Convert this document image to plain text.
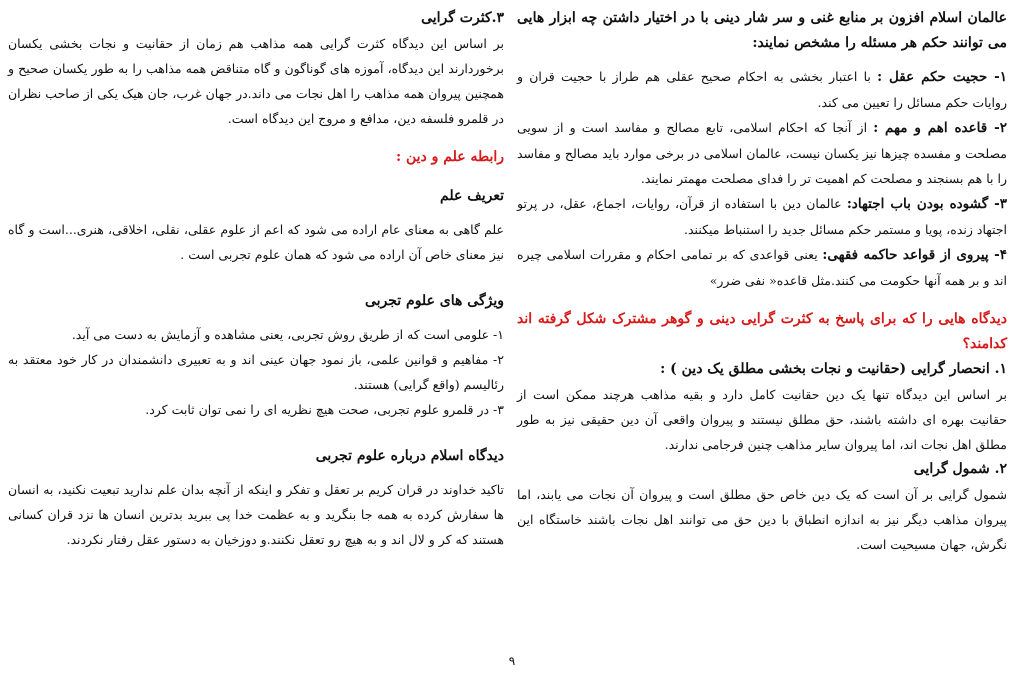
عالمان اسلام افزون بر منابع غنی و سر شار دینی با در اختیار داشتن چه ابزار هایی می توانند حکم هر مسئله را مشخص نمایند:

۱- حجیت حکم عقل : با اعتبار بخشی به احکام صحیح عقلی هم طراز با حجیت قران و روایات حکم مسائل را تعیین می کند.

۲- قاعده اهم و مهم : از آنجا که احکام اسلامی، تابع مصالح و مفاسد است و از سویی مصلحت و مفسده چیزها نیز یکسان نیست، عالمان اسلامی در برخی موارد باید مصالح و مفاسد را با هم بسنجند و مصلحت کم اهمیت تر را فدای مصلحت مهمتر نمایند.

۳- گشوده بودن باب اجتهاد: عالمان دین با استفاده از قرآن، روایات، اجماع، عقل، در پرتو اجتهاد زنده، پویا و مستمر حکم مسائل جدید را استنباط میکنند.

۴- پیروی از قواعد حاکمه فقهی: یعنی قواعدی که بر تمامی احکام و مقررات اسلامی چیره اند و بر همه آنها حکومت می کنند.مثل قاعده« نفی ضرر»

دیدگاه هایی را که برای پاسخ به کثرت گرایی دینی و گوهر مشترک شکل گرفته اند کدامند؟

۱. انحصار گرایی (حقانیت و نجات بخشی مطلق یک دین ) :

بر اساس این دیدگاه تنها یک دین حقانیت کامل دارد و بقیه مذاهب هرچند ممکن است از حقانیت بهره ای داشته باشند، حق مطلق نیستند و پیروان واقعی آن دین حقیقی نیز به طور مطلق اهل نجات اند، اما پیروان سایر مذاهب چنین فرجامی ندارند.

۲. شمول گرایی

شمول گرایی بر آن است که یک دین خاص حق مطلق است و پیروان آن نجات می یابند، اما پیروان مذاهب دیگر نیز به اندازه انطباق با دین حق می توانند اهل نجات باشند خاستگاه این نگرش، جهان مسیحیت است.

۳.کثرت گرایی

بر اساس این دیدگاه کثرت گرایی همه مذاهب هم زمان از حقانیت و نجات بخشی یکسان برخوردارند این دیدگاه، آموزه های گوناگون و گاه متناقض همه مذاهب را به طور یکسان صحیح و همچنین پیروان همه مذاهب را اهل نجات می داند.در جهان غرب، جان هیک یکی از صاحب نظران در قلمرو فلسفه دین، مدافع و مروج این دیدگاه است.

رابطه علم و دین :

تعریف علم

علم گاهی به معنای عام اراده می شود که اعم از علوم عقلی، نقلی، اخلاقی، هنری...است و گاه نیز معنای خاص آن اراده می شود که همان علوم تجربی است .

ویژگی های علوم تجربی

۱- علومی است که از طریق روش تجربی، یعنی مشاهده و آزمایش به دست می آید.

۲- مفاهیم و قوانین علمی، باز نمود جهان عینی اند و به تعبیری دانشمندان در کار خود معتقد به رئالیسم (واقع گرایی) هستند.

۳- در قلمرو علوم تجربی، صحت هیچ نظریه ای را نمی توان ثابت کرد.

دیدگاه اسلام درباره علوم تجربی

تاکید خداوند در قران کریم بر تعقل و تفکر و اینکه از آنچه بدان علم ندارید تبعیت نکنید، به انسان ها سفارش کرده به همه جا بنگرید و به عظمت خدا پی ببرید بدترین انسان ها نزد قران کسانی هستند که کر و لال اند و به هیچ رو تعقل نکنند.و دوزخیان به دستور عقل رفتار نکردند.

۹
